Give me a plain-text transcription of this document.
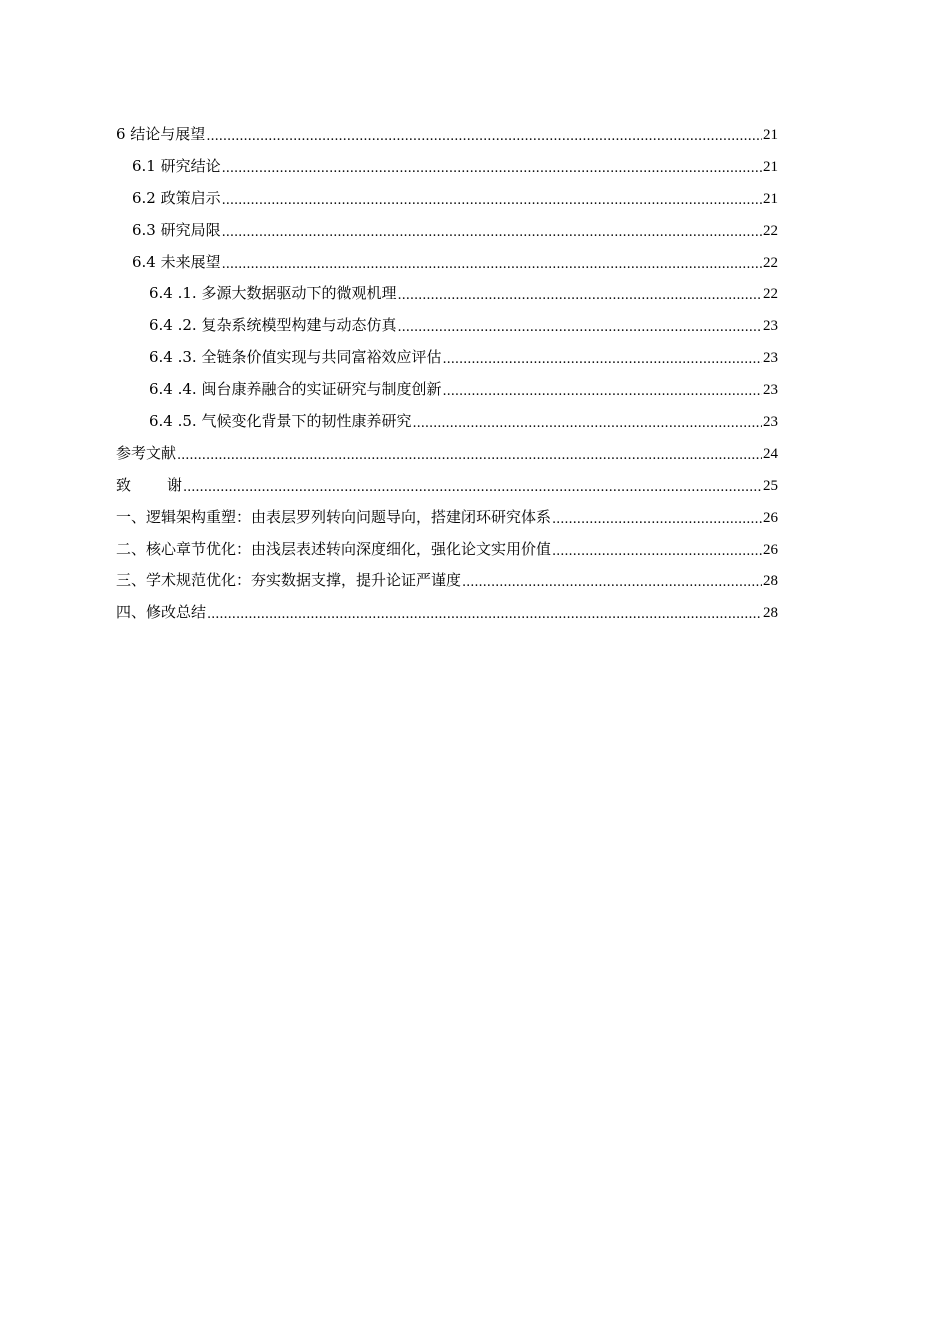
6 结论与展望 .....	21
6.1 研究结论 .....	21
6.2 政策启示 .....	21
6.3 研究局限 .....	22
6.4 未来展望 .....	22
6.4 .1. 多源大数据驱动下的微观机理 .....	22
6.4 .2. 复杂系统模型构建与动态仿真 .....	23
6.4 .3. 全链条价值实现与共同富裕效应评估 .....	23
6.4 .4. 闽台康养融合的实证研究与制度创新 .....	23
6.4 .5. 气候变化背景下的韧性康养研究 .....	23
参考文献 .....	24
致谢 .....	25
一、逻辑架构重塑：由表层罗列转向问题导向，搭建闭环研究体系 .....	26
二、核心章节优化：由浅层表述转向深度细化，强化论文实用价值 .....	26
三、学术规范优化：夯实数据支撑，提升论证严谨度 .....	28
四、修改总结 .....	28
